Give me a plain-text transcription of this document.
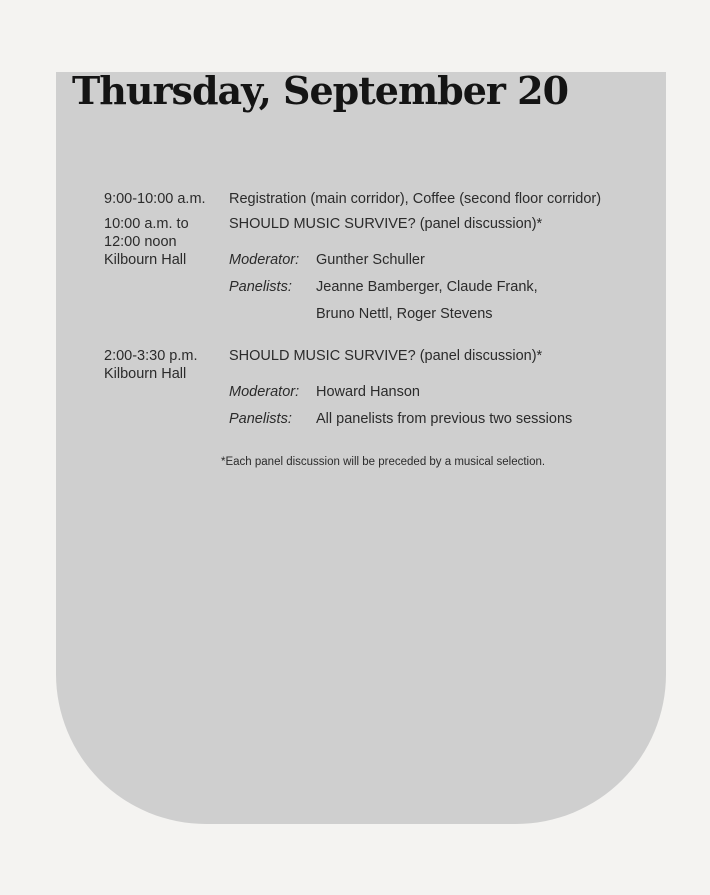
Thursday, September 20
9:00-10:00 a.m. Registration (main corridor), Coffee (second floor corridor)
10:00 a.m. to
12:00 noon
Kilbourn Hall
SHOULD MUSIC SURVIVE? (panel discussion)*
Moderator: Gunther Schuller
Panelists: Jeanne Bamberger, Claude Frank,
Bruno Nettl, Roger Stevens
2:00-3:30 p.m.
Kilbourn Hall
SHOULD MUSIC SURVIVE? (panel discussion)*
Moderator: Howard Hanson
Panelists: All panelists from previous two sessions
*Each panel discussion will be preceded by a musical selection.
